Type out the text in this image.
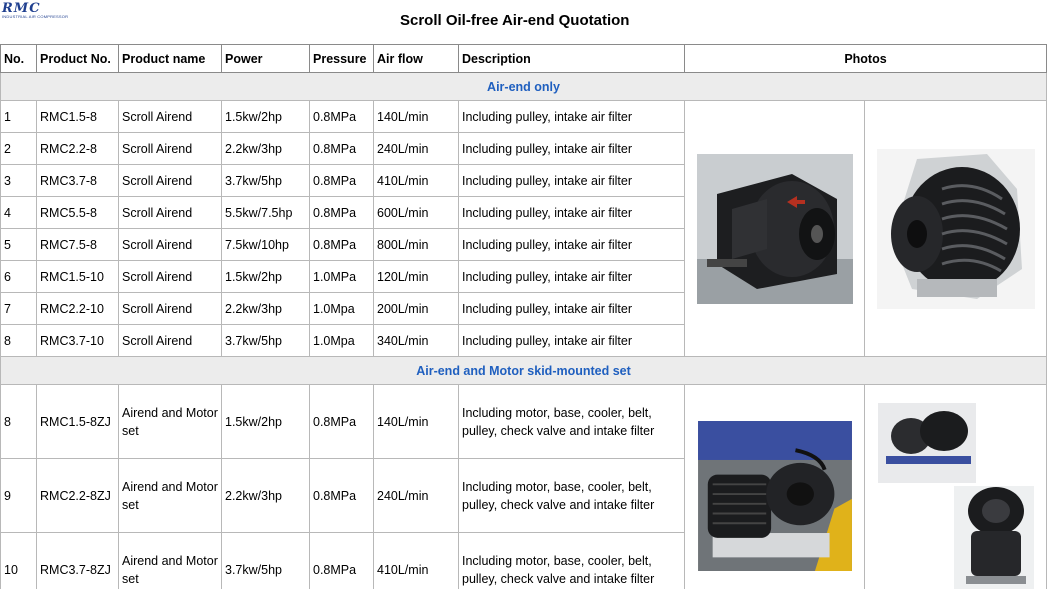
RMC
INDUSTRIAL AIR COMPRESSOR	Scroll Oil-free Air-end Quotation
No.	Product No.	Product name	Power	Pressure	Air flow	Description	Photos	
Air-end only								
1	RMC1.5-8	Scroll Airend	1.5kw/2hp	0.8MPa	140L/min	Including pulley, intake air filter	

2	RMC2.2-8	Scroll Airend	2.2kw/3hp	0.8MPa	240L/min	Including pulley, intake air filter		
3	RMC3.7-8	Scroll Airend	3.7kw/5hp	0.8MPa	410L/min	Including pulley, intake air filter		
4	RMC5.5-8	Scroll Airend	5.5kw/7.5hp	0.8MPa	600L/min	Including pulley, intake air filter		
5	RMC7.5-8	Scroll Airend	7.5kw/10hp	0.8MPa	800L/min	Including pulley, intake air filter		
6	RMC1.5-10	Scroll Airend	1.5kw/2hp	1.0MPa	120L/min	Including pulley, intake air filter		
7	RMC2.2-10	Scroll Airend	2.2kw/3hp	1.0Mpa	200L/min	Including pulley, intake air filter		
8	RMC3.7-10	Scroll Airend	3.7kw/5hp	1.0Mpa	340L/min	Including pulley, intake air filter		
Air-end and Motor skid-mounted set								
8	RMC1.5-8ZJ	Airend and Motor set	1.5kw/2hp	0.8MPa	140L/min	Including motor, base, cooler, belt, pulley, check valve and intake filter	

9	RMC2.2-8ZJ	Airend and Motor set	2.2kw/3hp	0.8MPa	240L/min	Including motor, base, cooler, belt, pulley, check valve and intake filter		
10	RMC3.7-8ZJ	Airend and Motor set	3.7kw/5hp	0.8MPa	410L/min	Including motor, base, cooler, belt, pulley, check valve and intake filter		
